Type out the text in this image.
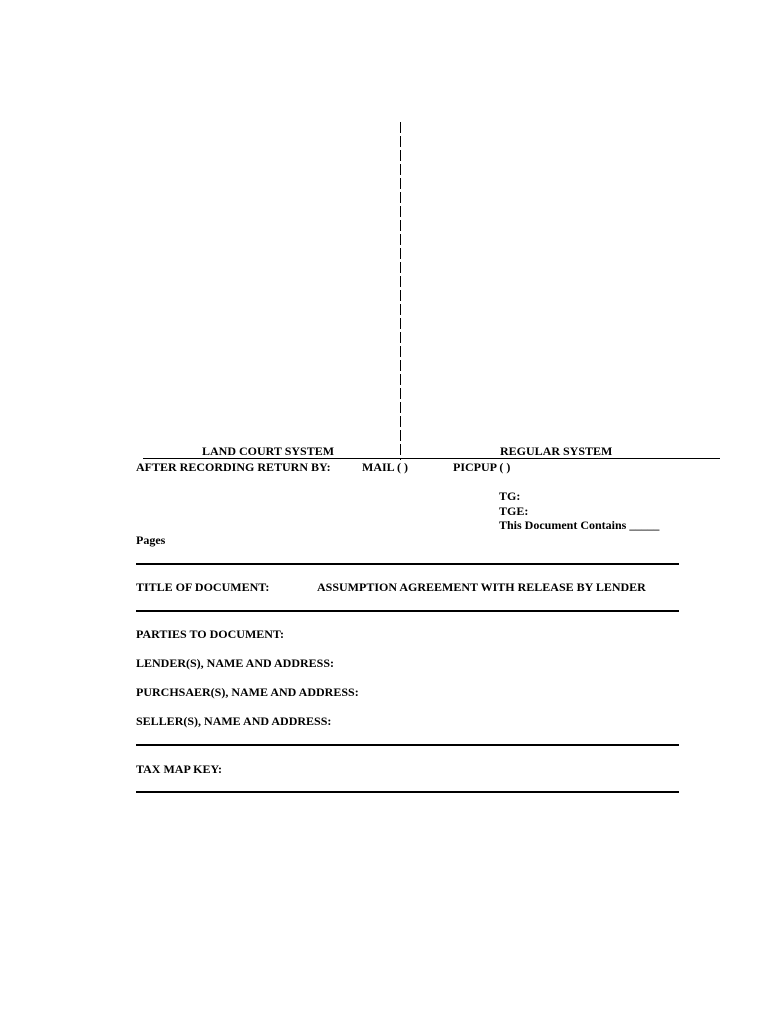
LAND COURT SYSTEM	REGULAR SYSTEM
AFTER RECORDING RETURN BY:	MAIL ( )	PICPUP ( )
TG:
TGE:
This Document Contains _____
Pages
TITLE OF DOCUMENT:	ASSUMPTION AGREEMENT WITH RELEASE BY LENDER
PARTIES TO DOCUMENT:
LENDER(S), NAME AND ADDRESS:
PURCHSAER(S), NAME AND ADDRESS:
SELLER(S), NAME AND ADDRESS:
TAX MAP KEY:
